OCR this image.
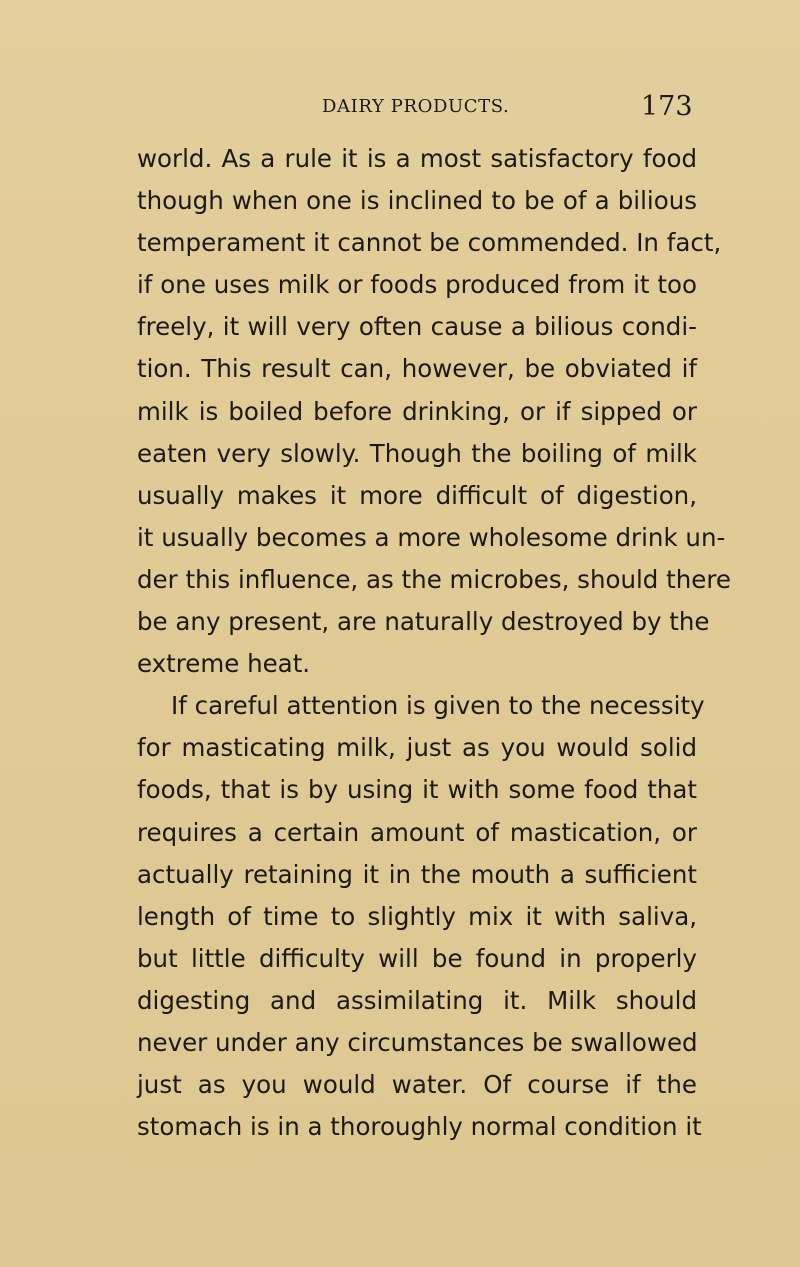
DAIRY PRODUCTS.	173
world. As a rule it is a most satisfactory food
though when one is inclined to be of a bilious
temperament it cannot be commended. In fact,
if one uses milk or foods produced from it too
freely, it will very often cause a bilious condi-
tion. This result can, however, be obviated if
milk is boiled before drinking, or if sipped or
eaten very slowly. Though the boiling of milk
usually makes it more difficult of digestion,
it usually becomes a more wholesome drink un-
der this influence, as the microbes, should there
be any present, are naturally destroyed by the
extreme heat.
If careful attention is given to the necessity
for masticating milk, just as you would solid
foods, that is by using it with some food that
requires a certain amount of mastication, or
actually retaining it in the mouth a sufficient
length of time to slightly mix it with saliva,
but little difficulty will be found in properly
digesting and assimilating it. Milk should
never under any circumstances be swallowed
just as you would water. Of course if the
stomach is in a thoroughly normal condition it
